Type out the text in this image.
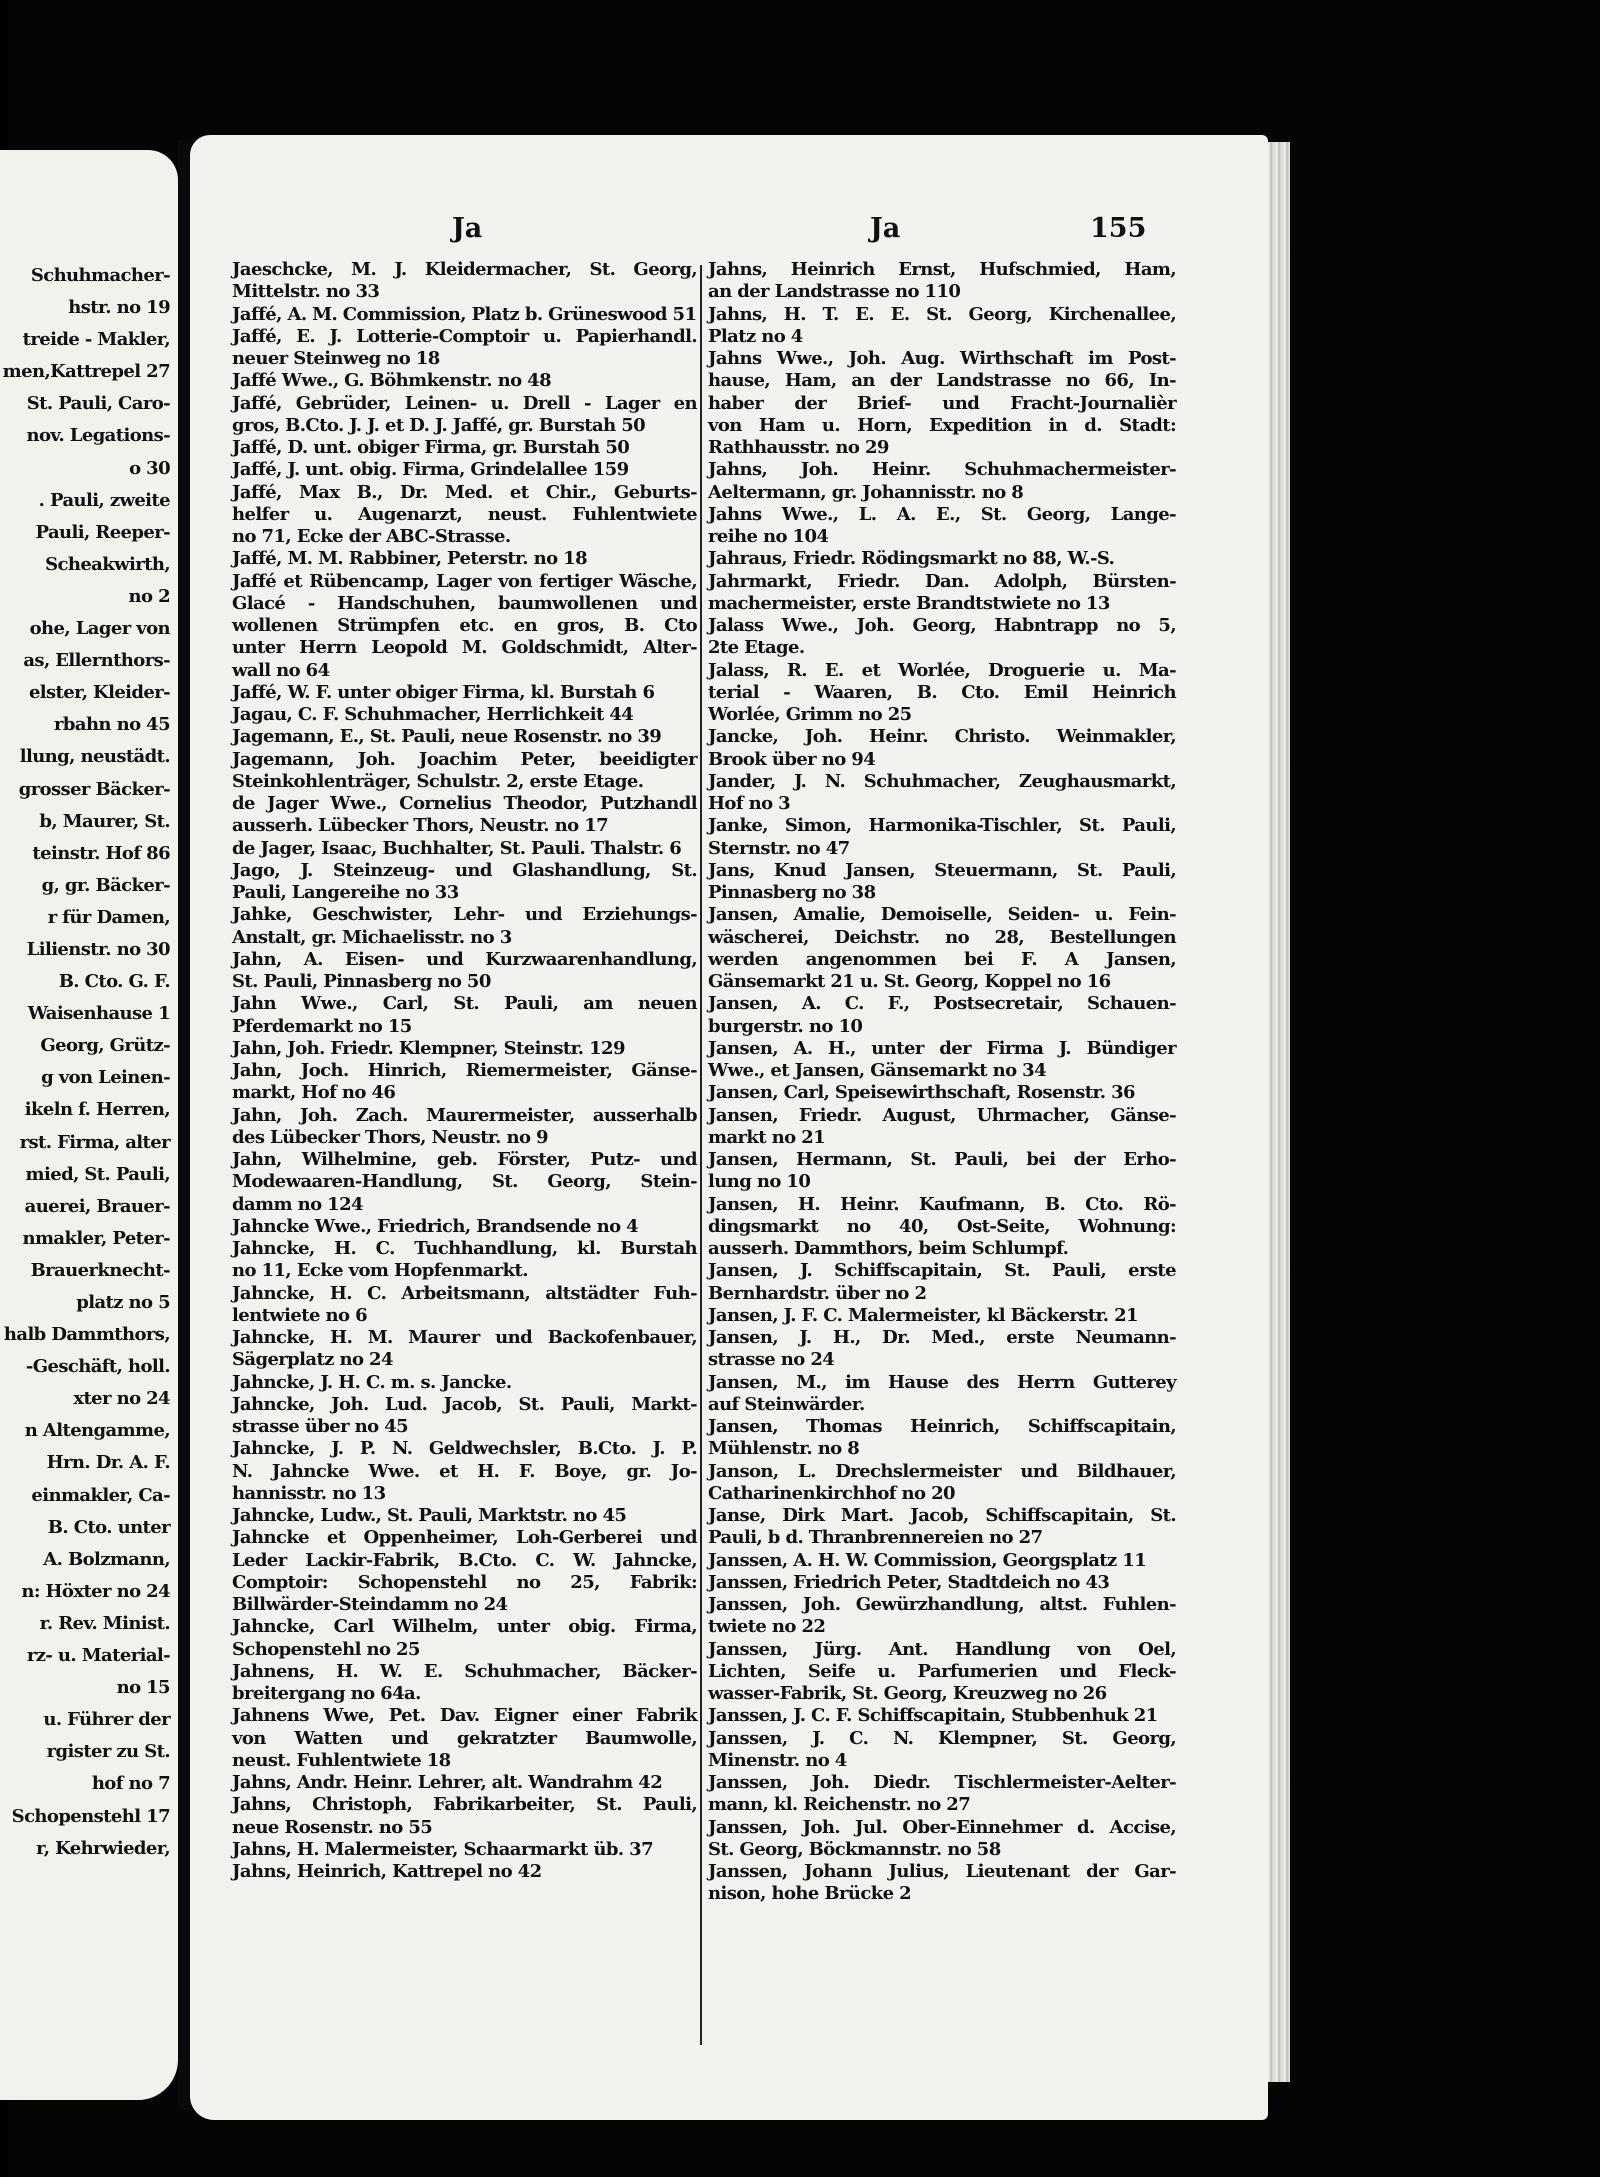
Schuhmacher-
hstr. no 19
treide - Makler,
men,Kattrepel 27
St. Pauli, Caro-
nov. Legations-
o 30
. Pauli, zweite
Pauli, Reeper-
Scheakwirth,
no 2
ohe, Lager von
as, Ellernthors-
elster, Kleider-
rbahn no 45
llung, neustädt.
grosser Bäcker-
b, Maurer, St.
teinstr. Hof 86
g, gr. Bäcker-
r für Damen,
Lilienstr. no 30
B. Cto. G. F.
Waisenhause 1
Georg, Grütz-
g von Leinen-
ikeln f. Herren,
rst. Firma, alter
mied, St. Pauli,
auerei, Brauer-
nmakler, Peter-
Brauerknecht-
platz no 5
halb Dammthors,
-Geschäft, holl.
xter no 24
n Altengamme,
Hrn. Dr. A. F.
einmakler, Ca-
B. Cto. unter
A. Bolzmann,
n: Höxter no 24
r. Rev. Minist.
rz- u. Material-
no 15
u. Führer der
rgister zu St.
hof no 7
Schopenstehl 17
r, Kehrwieder,
Ja	Ja	155
Jaeschcke, M. J. Kleidermacher, St. Georg,
Mittelstr. no 33
Jaffé, A. M. Commission, Platz b. Grüneswood 51
Jaffé, E. J. Lotterie-Comptoir u. Papierhandl.
neuer Steinweg no 18
Jaffé Wwe., G. Böhmkenstr. no 48
Jaffé, Gebrüder, Leinen- u. Drell - Lager en
gros, B.Cto. J. J. et D. J. Jaffé, gr. Burstah 50
Jaffé, D. unt. obiger Firma, gr. Burstah 50
Jaffé, J. unt. obig. Firma, Grindelallee 159
Jaffé, Max B., Dr. Med. et Chir., Geburts-
helfer u. Augenarzt, neust. Fuhlentwiete
no 71, Ecke der ABC-Strasse.
Jaffé, M. M. Rabbiner, Peterstr. no 18
Jaffé et Rübencamp, Lager von fertiger Wäsche,
Glacé - Handschuhen, baumwollenen und
wollenen Strümpfen etc. en gros, B. Cto
unter Herrn Leopold M. Goldschmidt, Alter-
wall no 64
Jaffé, W. F. unter obiger Firma, kl. Burstah 6
Jagau, C. F. Schuhmacher, Herrlichkeit 44
Jagemann, E., St. Pauli, neue Rosenstr. no 39
Jagemann, Joh. Joachim Peter, beeidigter
Steinkohlenträger, Schulstr. 2, erste Etage.
de Jager Wwe., Cornelius Theodor, Putzhandl
ausserh. Lübecker Thors, Neustr. no 17
de Jager, Isaac, Buchhalter, St. Pauli. Thalstr. 6
Jago, J. Steinzeug- und Glashandlung, St.
Pauli, Langereihe no 33
Jahke, Geschwister, Lehr- und Erziehungs-
Anstalt, gr. Michaelisstr. no 3
Jahn, A. Eisen- und Kurzwaarenhandlung,
St. Pauli, Pinnasberg no 50
Jahn Wwe., Carl, St. Pauli, am neuen
Pferdemarkt no 15
Jahn, Joh. Friedr. Klempner, Steinstr. 129
Jahn, Joch. Hinrich, Riemermeister, Gänse-
markt, Hof no 46
Jahn, Joh. Zach. Maurermeister, ausserhalb
des Lübecker Thors, Neustr. no 9
Jahn, Wilhelmine, geb. Förster, Putz- und
Modewaaren-Handlung, St. Georg, Stein-
damm no 124
Jahncke Wwe., Friedrich, Brandsende no 4
Jahncke, H. C. Tuchhandlung, kl. Burstah
no 11, Ecke vom Hopfenmarkt.
Jahncke, H. C. Arbeitsmann, altstädter Fuh-
lentwiete no 6
Jahncke, H. M. Maurer und Backofenbauer,
Sägerplatz no 24
Jahncke, J. H. C. m. s. Jancke.
Jahncke, Joh. Lud. Jacob, St. Pauli, Markt-
strasse über no 45
Jahncke, J. P. N. Geldwechsler, B.Cto. J. P.
N. Jahncke Wwe. et H. F. Boye, gr. Jo-
hannisstr. no 13
Jahncke, Ludw., St. Pauli, Marktstr. no 45
Jahncke et Oppenheimer, Loh-Gerberei und
Leder Lackir-Fabrik, B.Cto. C. W. Jahncke,
Comptoir: Schopenstehl no 25, Fabrik:
Billwärder-Steindamm no 24
Jahncke, Carl Wilhelm, unter obig. Firma,
Schopenstehl no 25
Jahnens, H. W. E. Schuhmacher, Bäcker-
breitergang no 64a.
Jahnens Wwe, Pet. Dav. Eigner einer Fabrik
von Watten und gekratzter Baumwolle,
neust. Fuhlentwiete 18
Jahns, Andr. Heinr. Lehrer, alt. Wandrahm 42
Jahns, Christoph, Fabrikarbeiter, St. Pauli,
neue Rosenstr. no 55
Jahns, H. Malermeister, Schaarmarkt üb. 37
Jahns, Heinrich, Kattrepel no 42
Jahns, Heinrich Ernst, Hufschmied, Ham,
an der Landstrasse no 110
Jahns, H. T. E. E. St. Georg, Kirchenallee,
Platz no 4
Jahns Wwe., Joh. Aug. Wirthschaft im Post-
hause, Ham, an der Landstrasse no 66, In-
haber der Brief- und Fracht-Journalièr
von Ham u. Horn, Expedition in d. Stadt:
Rathhausstr. no 29
Jahns, Joh. Heinr. Schuhmachermeister-
Aeltermann, gr. Johannisstr. no 8
Jahns Wwe., L. A. E., St. Georg, Lange-
reihe no 104
Jahraus, Friedr. Rödingsmarkt no 88, W.-S.
Jahrmarkt, Friedr. Dan. Adolph, Bürsten-
machermeister, erste Brandtstwiete no 13
Jalass Wwe., Joh. Georg, Habntrapp no 5,
2te Etage.
Jalass, R. E. et Worlée, Droguerie u. Ma-
terial - Waaren, B. Cto. Emil Heinrich
Worlée, Grimm no 25
Jancke, Joh. Heinr. Christo. Weinmakler,
Brook über no 94
Jander, J. N. Schuhmacher, Zeughausmarkt,
Hof no 3
Janke, Simon, Harmonika-Tischler, St. Pauli,
Sternstr. no 47
Jans, Knud Jansen, Steuermann, St. Pauli,
Pinnasberg no 38
Jansen, Amalie, Demoiselle, Seiden- u. Fein-
wäscherei, Deichstr. no 28, Bestellungen
werden angenommen bei F. A Jansen,
Gänsemarkt 21 u. St. Georg, Koppel no 16
Jansen, A. C. F., Postsecretair, Schauen-
burgerstr. no 10
Jansen, A. H., unter der Firma J. Bündiger
Wwe., et Jansen, Gänsemarkt no 34
Jansen, Carl, Speisewirthschaft, Rosenstr. 36
Jansen, Friedr. August, Uhrmacher, Gänse-
markt no 21
Jansen, Hermann, St. Pauli, bei der Erho-
lung no 10
Jansen, H. Heinr. Kaufmann, B. Cto. Rö-
dingsmarkt no 40, Ost-Seite, Wohnung:
ausserh. Dammthors, beim Schlumpf.
Jansen, J. Schiffscapitain, St. Pauli, erste
Bernhardstr. über no 2
Jansen, J. F. C. Malermeister, kl Bäckerstr. 21
Jansen, J. H., Dr. Med., erste Neumann-
strasse no 24
Jansen, M., im Hause des Herrn Gutterey
auf Steinwärder.
Jansen, Thomas Heinrich, Schiffscapitain,
Mühlenstr. no 8
Janson, L. Drechslermeister und Bildhauer,
Catharinenkirchhof no 20
Janse, Dirk Mart. Jacob, Schiffscapitain, St.
Pauli, b d. Thranbrennereien no 27
Janssen, A. H. W. Commission, Georgsplatz 11
Janssen, Friedrich Peter, Stadtdeich no 43
Janssen, Joh. Gewürzhandlung, altst. Fuhlen-
twiete no 22
Janssen, Jürg. Ant. Handlung von Oel,
Lichten, Seife u. Parfumerien und Fleck-
wasser-Fabrik, St. Georg, Kreuzweg no 26
Janssen, J. C. F. Schiffscapitain, Stubbenhuk 21
Janssen, J. C. N. Klempner, St. Georg,
Minenstr. no 4
Janssen, Joh. Diedr. Tischlermeister-Aelter-
mann, kl. Reichenstr. no 27
Janssen, Joh. Jul. Ober-Einnehmer d. Accise,
St. Georg, Böckmannstr. no 58
Janssen, Johann Julius, Lieutenant der Gar-
nison, hohe Brücke 2
